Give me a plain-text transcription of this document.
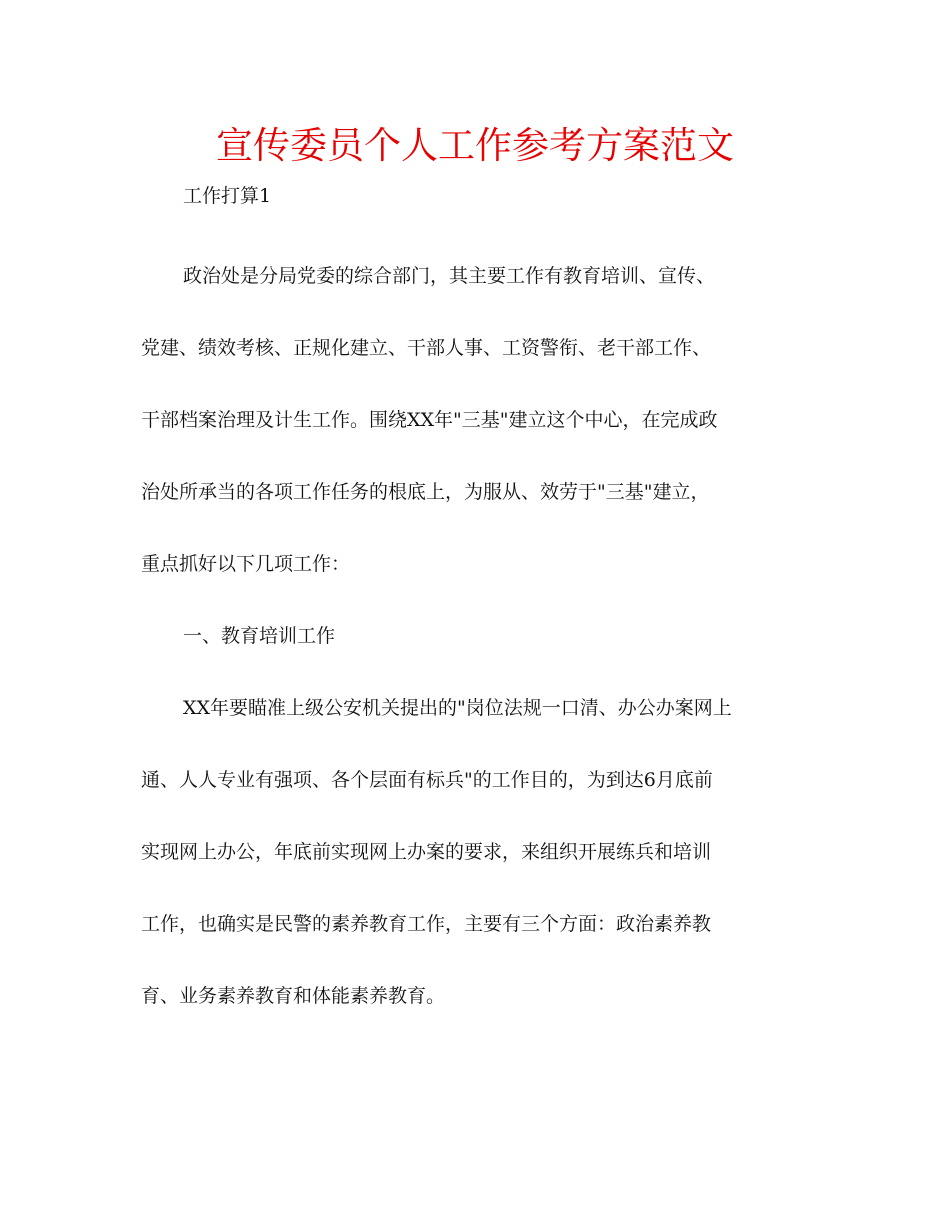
宣传委员个人工作参考方案范文
工作打算1
政治处是分局党委的综合部门，其主要工作有教育培训、宣传、
党建、绩效考核、正规化建立、干部人事、工资警衔、老干部工作、
干部档案治理及计生工作。围绕XX年"三基"建立这个中心，在完成政
治处所承当的各项工作任务的根底上，为服从、效劳于"三基"建立，
重点抓好以下几项工作：
一、教育培训工作
XX年要瞄准上级公安机关提出的"岗位法规一口清、办公办案网上
通、人人专业有强项、各个层面有标兵"的工作目的，为到达6月底前
实现网上办公，年底前实现网上办案的要求，来组织开展练兵和培训
工作，也确实是民警的素养教育工作，主要有三个方面：政治素养教
育、业务素养教育和体能素养教育。
